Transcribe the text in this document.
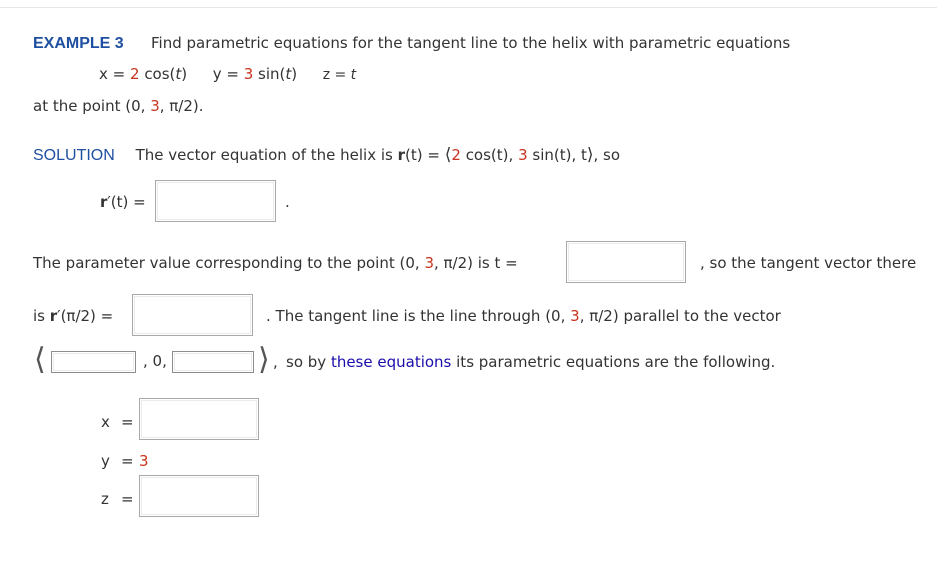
EXAMPLE 3 Find parametric equations for the tangent line to the helix with parametric equations
x = 2 cos(t) y = 3 sin(t) z = t
at the point (0, 3, π/2).
SOLUTION The vector equation of the helix is r(t) = ⟨2 cos(t), 3 sin(t), t⟩, so
r′(t) =	.
The parameter value corresponding to the point (0, 3, π/2) is t =	, so the tangent vector there
is r′(π/2) =	. The tangent line is the line through (0, 3, π/2) parallel to the vector
⟨	, 0,	⟩ , so by these equations its parametric equations are the following.
x =
y = 3
z =
